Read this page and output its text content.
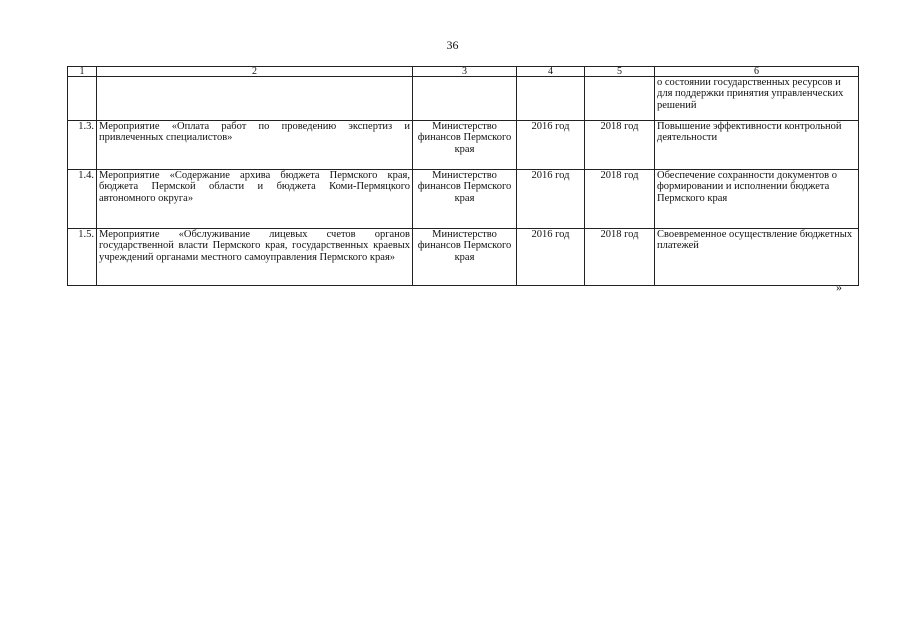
36
1	2	3	4	5	6
					о состоянии государственных ресурсов и для поддержки принятия управленческих решений
1.3.	Мероприятие «Оплата работ по проведению экспертиз и привлеченных специалистов»	Министерство финансов Пермского края	2016 год	2018 год	Повышение эффективности контрольной деятельности
1.4.	Мероприятие «Содержание архива бюджета Пермского края, бюджета Пермской области и бюджета Коми-Пермяцкого автономного округа»	Министерство финансов Пермского края	2016 год	2018 год	Обеспечение сохранности документов о формировании и исполнении бюджета Пермского края
1.5.	Мероприятие «Обслуживание лицевых счетов органов государственной власти Пермского края, государственных краевых учреждений органами местного самоуправления Пермского края»	Министерство финансов Пермского края	2016 год	2018 год	Своевременное осуществление бюджетных платежей
»
